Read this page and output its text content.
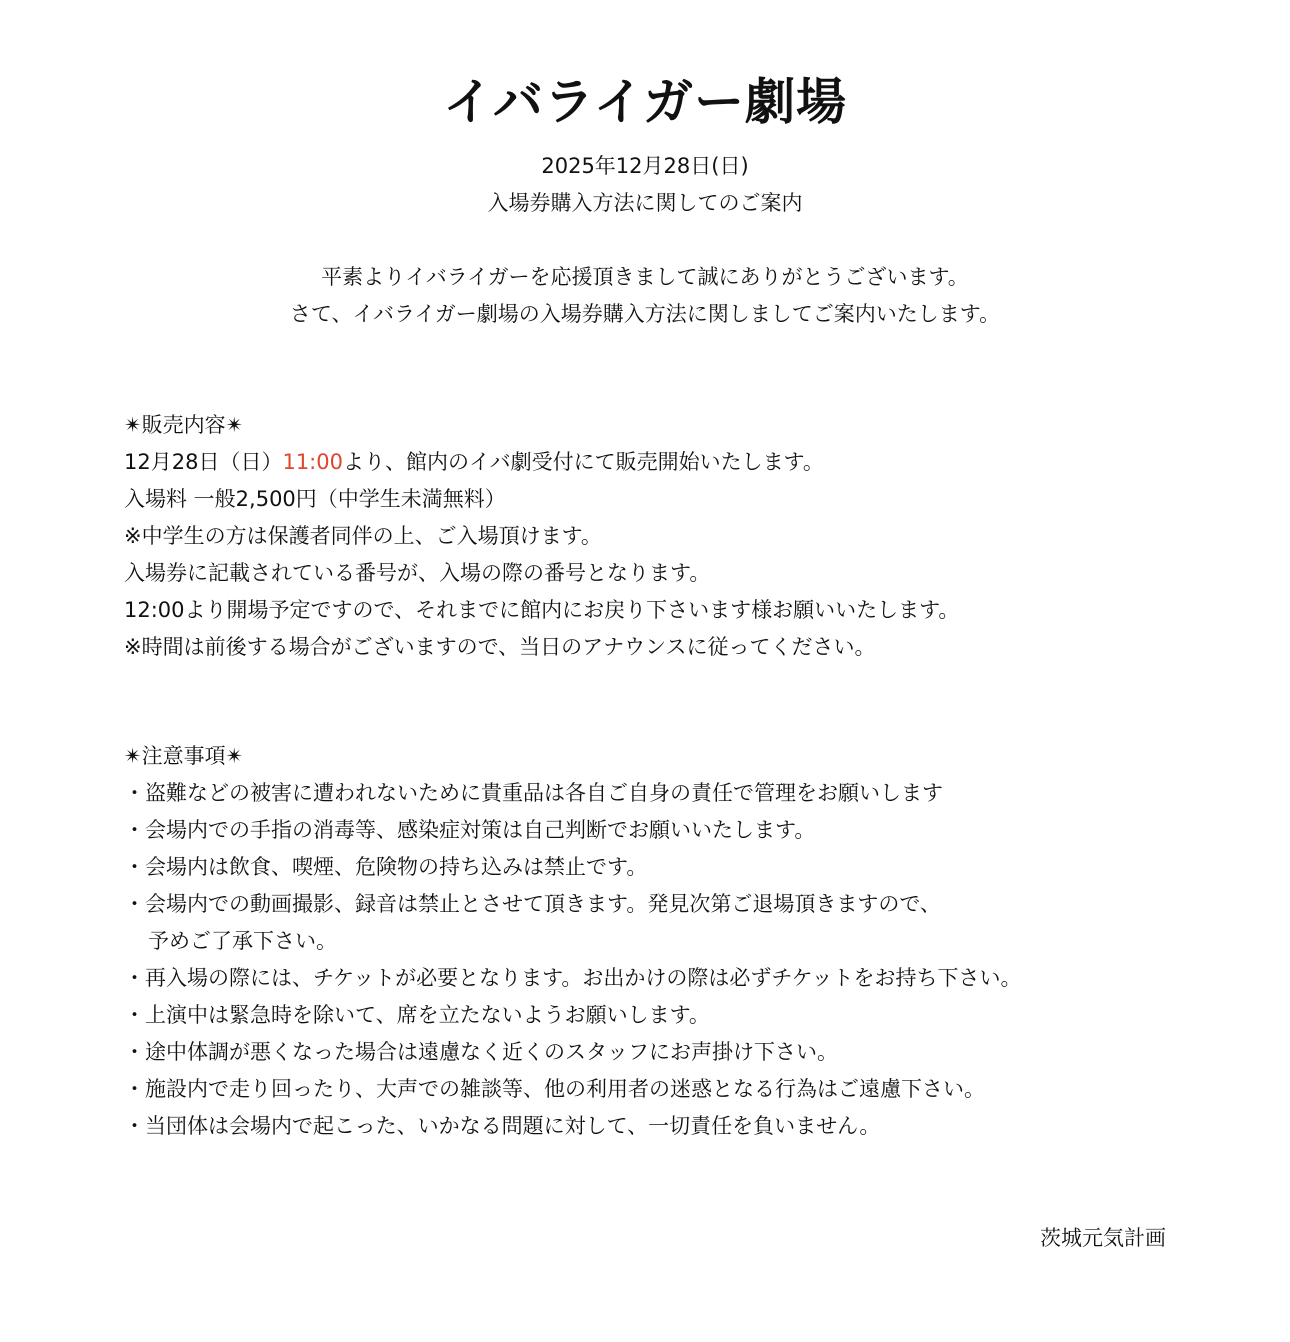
イバライガー劇場
2025年12月28日(日)
入場券購入方法に関してのご案内
平素よりイバライガーを応援頂きまして誠にありがとうございます。
さて、イバライガー劇場の入場券購入方法に関しましてご案内いたします。
✴販売内容✴
12月28日（日）11:00より、館内のイバ劇受付にて販売開始いたします。
入場料 一般2,500円（中学生未満無料）
※中学生の方は保護者同伴の上、ご入場頂けます。
入場券に記載されている番号が、入場の際の番号となります。
12:00より開場予定ですので、それまでに館内にお戻り下さいます様お願いいたします。
※時間は前後する場合がございますので、当日のアナウンスに従ってください。
✴注意事項✴
・盗難などの被害に遭われないために貴重品は各自ご自身の責任で管理をお願いします
・会場内での手指の消毒等、感染症対策は自己判断でお願いいたします。
・会場内は飲食、喫煙、危険物の持ち込みは禁止です。
・会場内での動画撮影、録音は禁止とさせて頂きます。発見次第ご退場頂きますので、
予めご了承下さい。
・再入場の際には、チケットが必要となります。お出かけの際は必ずチケットをお持ち下さい。
・上演中は緊急時を除いて、席を立たないようお願いします。
・途中体調が悪くなった場合は遠慮なく近くのスタッフにお声掛け下さい。
・施設内で走り回ったり、大声での雑談等、他の利用者の迷惑となる行為はご遠慮下さい。
・当団体は会場内で起こった、いかなる問題に対して、一切責任を負いません。
茨城元気計画
